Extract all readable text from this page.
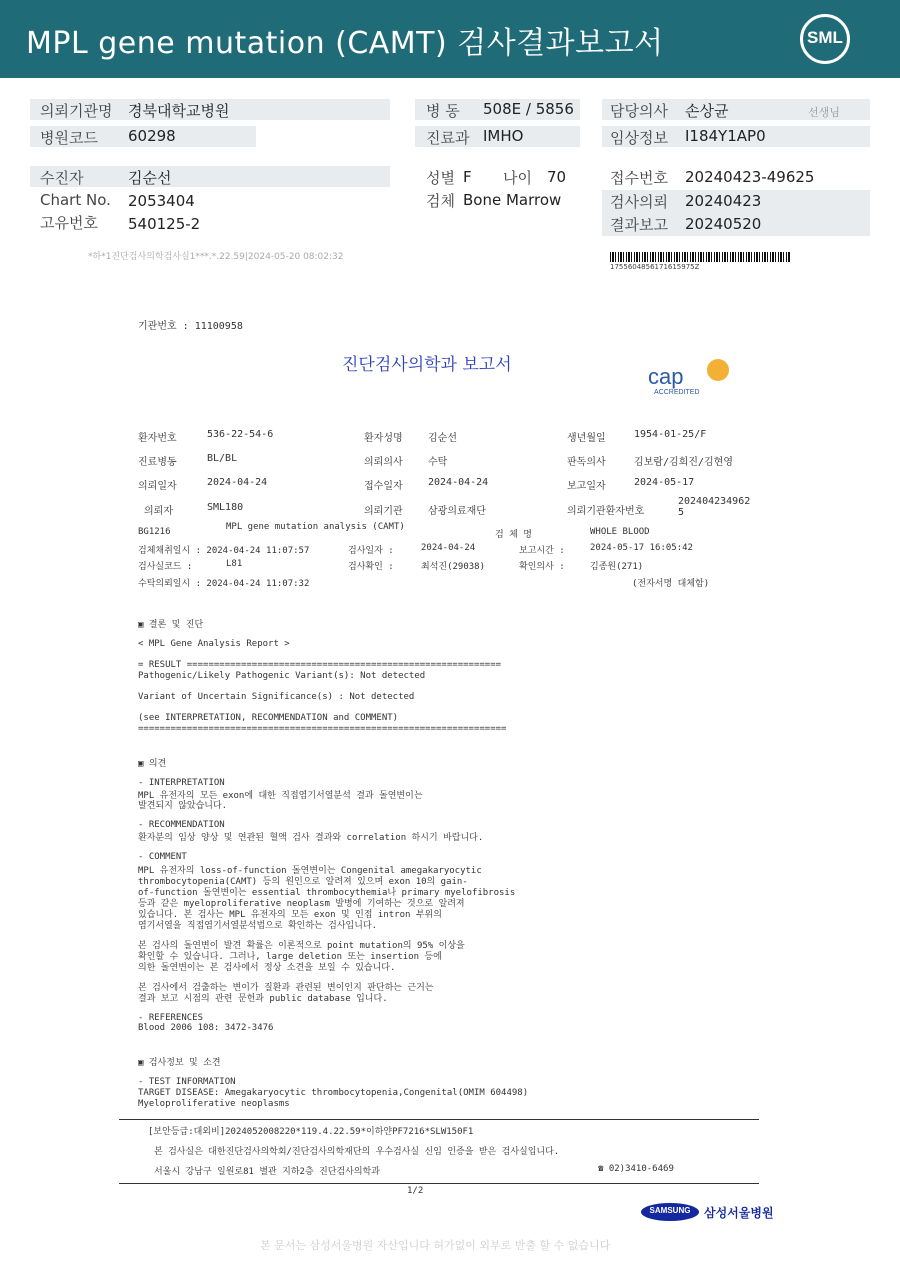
MPL gene mutation (CAMT) 검사결과보고서	SML
의뢰기관명 경북대학교병원
병원코드 60298
병 동 508E / 5856
진료과 IMHO
담당의사 손상균	선생님
임상정보 I184Y1AP0
수진자	김순선
Chart No. 2053404
고유번호 540125-2
성별 F 나이 70
검체 Bone Marrow
접수번호 20240423-49625
검사의뢰 20240423
결과보고 20240520
*하*1진단검사의학검사실1***.*.22.59|2024-05-20 08:02:32
1755604856171615975Z
기관번호 : 11100958
진단검사의학과 보고서	cap
ACCREDITED
환자번호	536-22-54-6	환자성명	김순선	생년월일	1954-01-25/F
진료병동	BL/BL	의뢰의사	수탁	판독의사	김보람/김희진/김현영
의뢰일자	2024-04-24	접수일자	2024-04-24	보고일자	2024-05-17
의뢰자	SML180	의뢰기관	삼광의료재단	의뢰기관환자번호
202404234962
5
BG1216	MPL gene mutation analysis (CAMT)
검 체 명	WHOLE BLOOD
검체채취일시 : 2024-04-24 11:07:57	검사일자 :	2024-04-24	보고시간 :	2024-05-17 16:05:42
검사실코드 :	L81	검사확인 :	최석진(29038)	확인의사 :	김종원(271)
수탁의뢰일시 : 2024-04-24 11:07:32	(전자서명 대체함)
▣ 결론 및 진단
< MPL Gene Analysis Report >
= RESULT ==========================================================
Pathogenic/Likely Pathogenic Variant(s): Not detected
Variant of Uncertain Significance(s) : Not detected
(see INTERPRETATION, RECOMMENDATION and COMMENT)
====================================================================
▣ 의견
- INTERPRETATION
MPL 유전자의 모든 exon에 대한 직접염기서열분석 결과 돌연변이는
발견되지 않았습니다.
- RECOMMENDATION
환자분의 임상 양상 및 연관된 혈액 검사 결과와 correlation 하시기 바랍니다.
- COMMENT
MPL 유전자의 loss-of-function 돌연변이는 Congenital amegakaryocytic
thrombocytopenia(CAMT) 등의 원인으로 알려져 있으며 exon 10의 gain-
of-function 돌연변이는 essential thrombocythemia나 primary myelofibrosis
등과 같은 myeloproliferative neoplasm 발병에 기여하는 것으로 알려져
있습니다. 본 검사는 MPL 유전자의 모든 exon 및 인접 intron 부위의
염기서열을 직접염기서열분석법으로 확인하는 검사입니다.
본 검사의 돌연변이 발견 확률은 이론적으로 point mutation의 95% 이상을
확인할 수 있습니다. 그러나, large deletion 또는 insertion 등에
의한 돌연변이는 본 검사에서 정상 소견을 보일 수 있습니다.
본 검사에서 검출하는 변이가 질환과 관련된 변이인지 판단하는 근거는
결과 보고 시점의 관련 문헌과 public database 입니다.
- REFERENCES
Blood 2006 108: 3472-3476
▣ 검사정보 및 소견
- TEST INFORMATION
TARGET DISEASE: Amegakaryocytic thrombocytopenia,Congenital(OMIM 604498)
Myeloproliferative neoplasms
[보안등급:대외비]2024052008220*119.4.22.59*이하얀PF7216*SLW150F1
본 검사실은 대한진단검사의학회/진단검사의학재단의 우수검사실 신임 인증을 받은 검사실입니다.
서울시 강남구 일원로81 별관 지하2층 진단검사의학과	☎ 02)3410-6469
1/2
SAMSUNG	삼성서울병원
본 문서는 삼성서울병원 자산입니다 허가없이 외부로 반출 할 수 없습니다
